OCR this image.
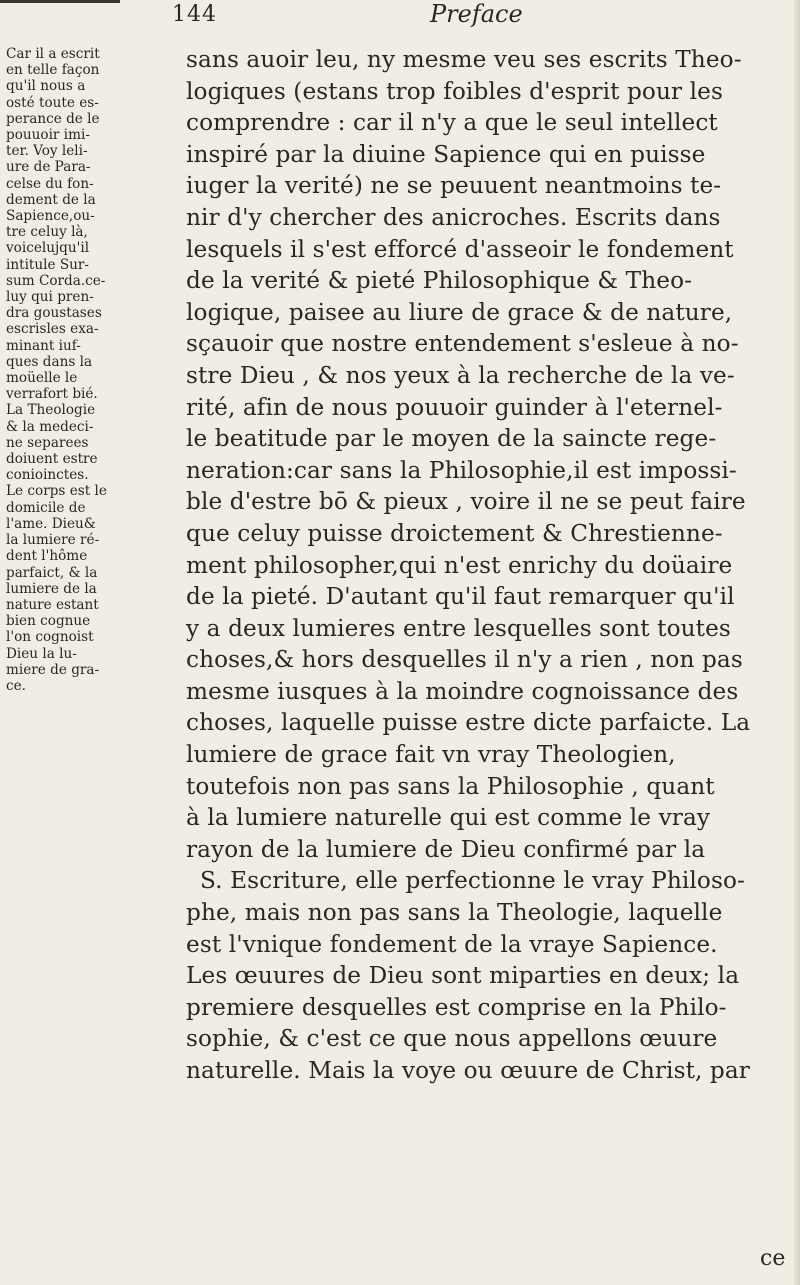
144	Preface
Car il a escrit
en telle façon
qu'il nous a
osté toute es-
perance de le
pouuoir imi-
ter. Voy leli-
ure de Para-
celse du fon-
dement de la
Sapience,ou-
tre celuy là,
voicelujqu'il
intitule Sur-
sum Corda.ce-
luy qui pren-
dra goustases
escrisles exa-
minant iuf-
ques dans la
moüelle le
verrafort bié.
La Theologie
& la medeci-
ne separees
doiuent estre
conioinctes.
Le corps est le
domicile de
l'ame. Dieu&
la lumiere ré-
dent l'hôme
parfaict, & la
lumiere de la
nature estant
bien cognue
l'on cognoist
Dieu la lu-
miere de gra-
ce.
sans auoir leu, ny mesme veu ses escrits Theo-
logiques (estans trop foibles d'esprit pour les
comprendre : car il n'y a que le seul intellect
inspiré par la diuine Sapience qui en puisse
iuger la verité) ne se peuuent neantmoins te-
nir d'y chercher des anicroches. Escrits dans
lesquels il s'est efforcé d'asseoir le fondement
de la verité & pieté Philosophique & Theo-
logique, paisee au liure de grace & de nature,
sçauoir que nostre entendement s'esleue à no-
stre Dieu , & nos yeux à la recherche de la ve-
rité, afin de nous pouuoir guinder à l'eternel-
le beatitude par le moyen de la saincte rege-
neration:car sans la Philosophie,il est impossi-
ble d'estre bō & pieux , voire il ne se peut faire
que celuy puisse droictement & Chrestienne-
ment philosopher,qui n'est enrichy du doüaire
de la pieté. D'autant qu'il faut remarquer qu'il
y a deux lumieres entre lesquelles sont toutes
choses,& hors desquelles il n'y a rien , non pas
mesme iusques à la moindre cognoissance des
choses, laquelle puisse estre dicte parfaicte. La
lumiere de grace fait vn vray Theologien,
toutefois non pas sans la Philosophie , quant
à la lumiere naturelle qui est comme le vray
rayon de la lumiere de Dieu confirmé par la
S. Escriture, elle perfectionne le vray Philoso-
phe, mais non pas sans la Theologie, laquelle
est l'vnique fondement de la vraye Sapience.
Les œuures de Dieu sont miparties en deux; la
premiere desquelles est comprise en la Philo-
sophie, & c'est ce que nous appellons œuure
naturelle. Mais la voye ou œuure de Christ, par
ce
